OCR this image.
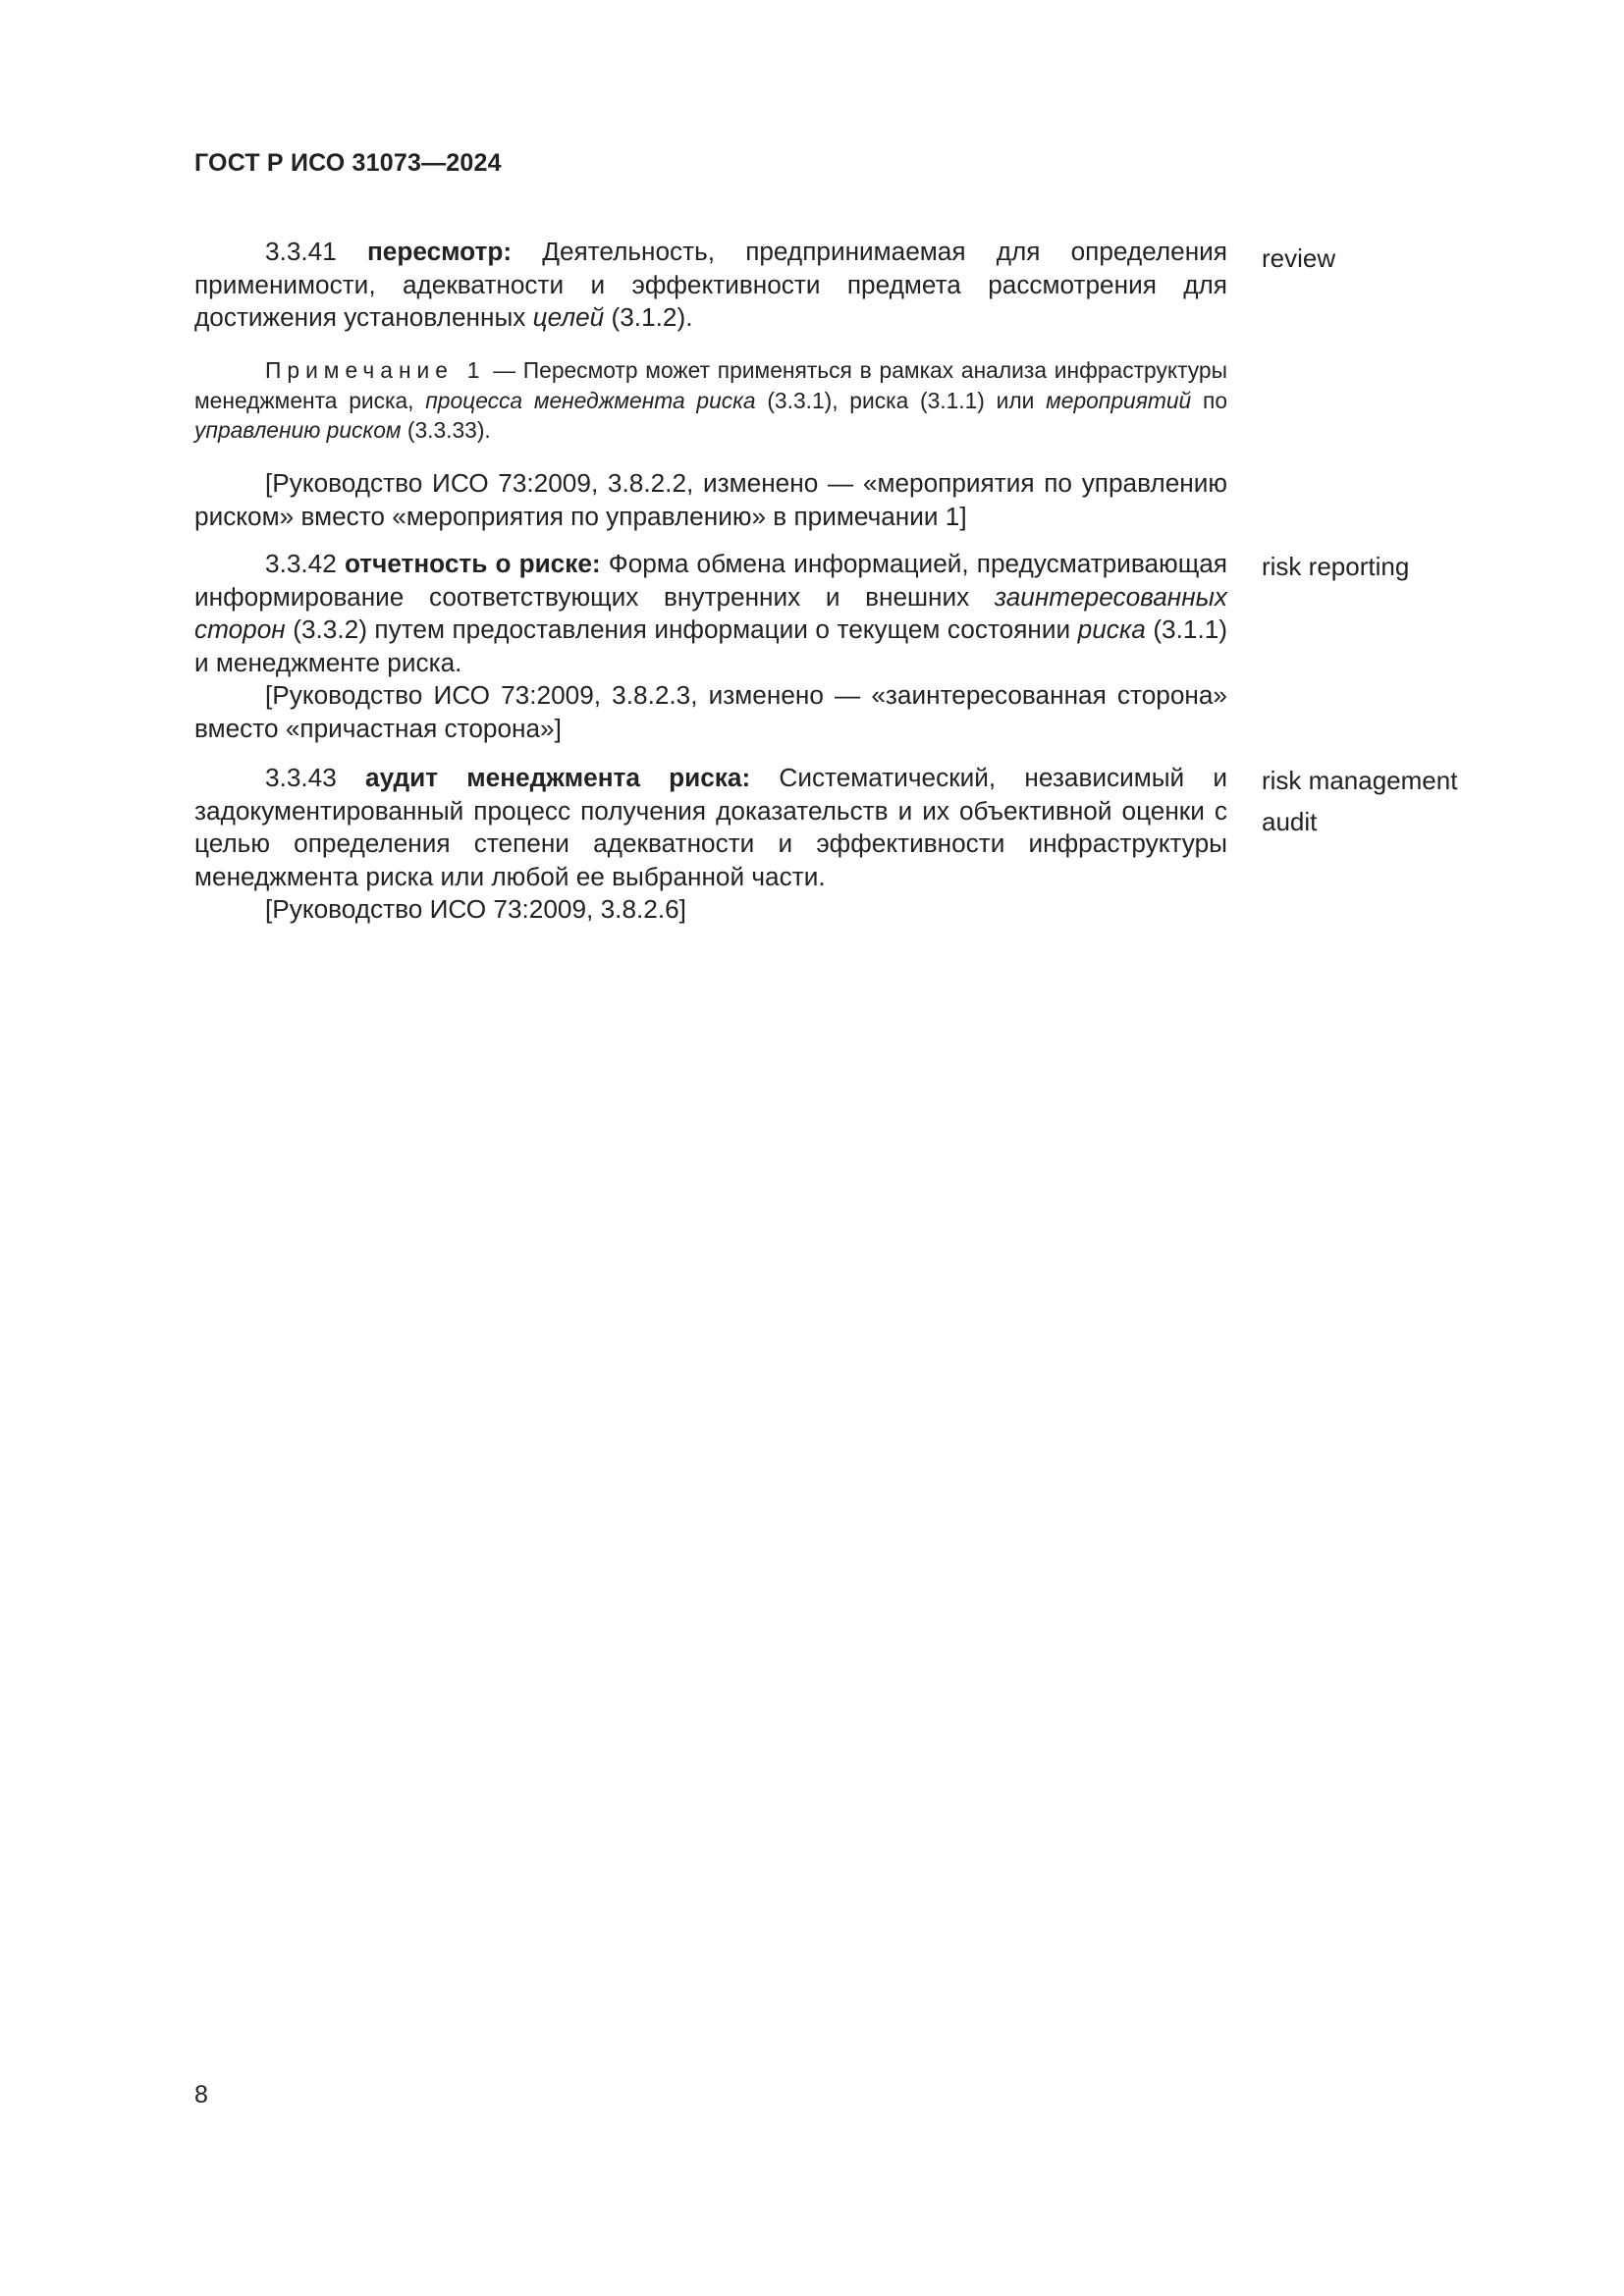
ГОСТ Р ИСО 31073—2024

3.3.41 пересмотр: Деятельность, предпринимаемая для определения применимости, адекватности и эффективности предмета рассмотрения для достижения установленных целей (3.1.2).

review

Примечание 1 — Пересмотр может применяться в рамках анализа инфраструктуры менеджмента риска, процесса менеджмента риска (3.3.1), риска (3.1.1) или мероприятий по управлению риском (3.3.33).

[Руководство ИСО 73:2009, 3.8.2.2, изменено — «мероприятия по управлению риском» вместо «мероприятия по управлению» в примечании 1]

3.3.42 отчетность о риске: Форма обмена информацией, предусматривающая информирование соответствующих внутренних и внешних заинтересованных сторон (3.3.2) путем предоставления информации о текущем состоянии риска (3.1.1) и менеджменте риска.

[Руководство ИСО 73:2009, 3.8.2.3, изменено — «заинтересованная сторона» вместо «причастная сторона»]

risk reporting

3.3.43 аудит менеджмента риска: Систематический, независимый и задокументированный процесс получения доказательств и их объективной оценки с целью определения степени адекватности и эффективности инфраструктуры менеджмента риска или любой ее выбранной части.

[Руководство ИСО 73:2009, 3.8.2.6]

risk management
audit
8
